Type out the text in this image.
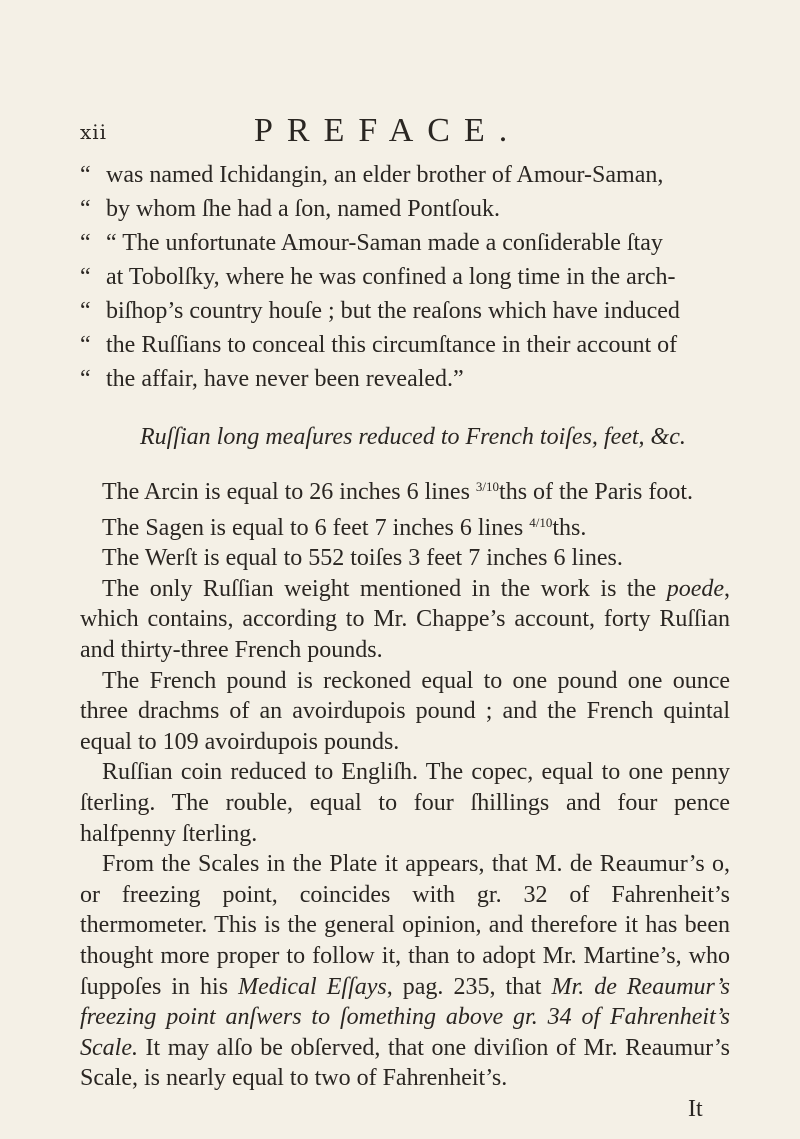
xii	PREFACE.
“ was named Ichidangin, an elder brother of Amour-Saman,
“ by whom ſhe had a ſon, named Pontſouk.
“ “ The unfortunate Amour-Saman made a conſiderable ſtay
“ at Tobolſky, where he was confined a long time in the arch-
“ biſhop’s country houſe ; but the reaſons which have induced
“ the Ruſſians to conceal this circumſtance in their account of
“ the affair, have never been revealed.”
Ruſſian long meaſures reduced to French toiſes, feet, &c.

The Arcin is equal to 26 inches 6 lines $^{3/10}$ths of the Paris foot.

The Sagen is equal to 6 feet 7 inches 6 lines $^{4/10}$ths.

The Werſt is equal to 552 toiſes 3 feet 7 inches 6 lines.

The only Ruſſian weight mentioned in the work is the poede, which contains, according to Mr. Chappe’s account, forty Ruſſian and thirty-three French pounds.

The French pound is reckoned equal to one pound one ounce three drachms of an avoirdupois pound ; and the French quintal equal to 109 avoirdupois pounds.

Ruſſian coin reduced to Engliſh. The copec, equal to one penny ſterling. The rouble, equal to four ſhillings and four pence halfpenny ſterling.

From the Scales in the Plate it appears, that M. de Reaumur’s o, or freezing point, coincides with gr. 32 of Fahrenheit’s thermometer. This is the general opinion, and therefore it has been thought more proper to follow it, than to adopt Mr. Martine’s, who ſuppoſes in his Medical Eſſays, pag. 235, that Mr. de Reaumur’s freezing point anſwers to ſomething above gr. 34 of Fahrenheit’s Scale. It may alſo be obſerved, that one diviſion of Mr. Reaumur’s Scale, is nearly equal to two of Fahrenheit’s.

It
